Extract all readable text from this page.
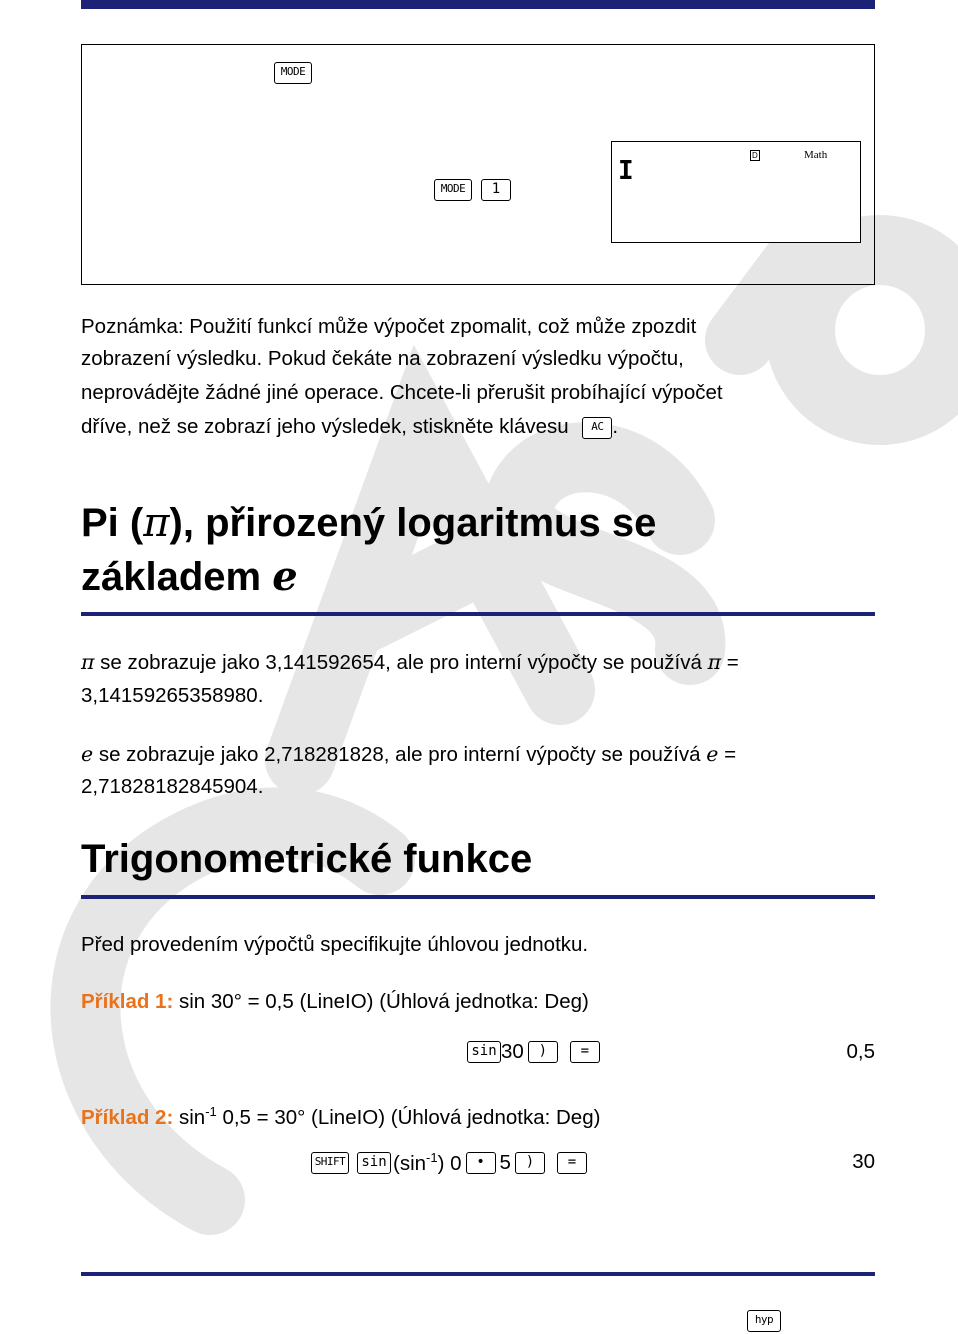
MODE
MODE	1
I
D	Math
Poznámka: Použití funkcí může výpočet zpomalit, což může zpozdit
zobrazení výsledku. Pokud čekáte na zobrazení výsledku výpočtu,
neprovádějte žádné jiné operace. Chcete-li přerušit probíhající výpočet
dříve, než se zobrazí jeho výsledek, stiskněte klávesu AC .
Pi (π), přirozený logaritmus se
základem e
π se zobrazuje jako 3,141592654, ale pro interní výpočty se používá π =
3,14159265358980.
e se zobrazuje jako 2,718281828, ale pro interní výpočty se používá e =
2,71828182845904.
Trigonometrické funkce
Před provedením výpočtů specifikujte úhlovou jednotku.
Příklad 1: sin 30° = 0,5 (LineIO) (Úhlová jednotka: Deg)
sin 30	)	=	0,5
Příklad 2: $\sin^{-1} 0,5 = 30^\circ$ (LineIO) (Úhlová jednotka: Deg)
SHIFT	$\sin (\sin^{-1})$ 0	• 5	)	=	30
hyp
